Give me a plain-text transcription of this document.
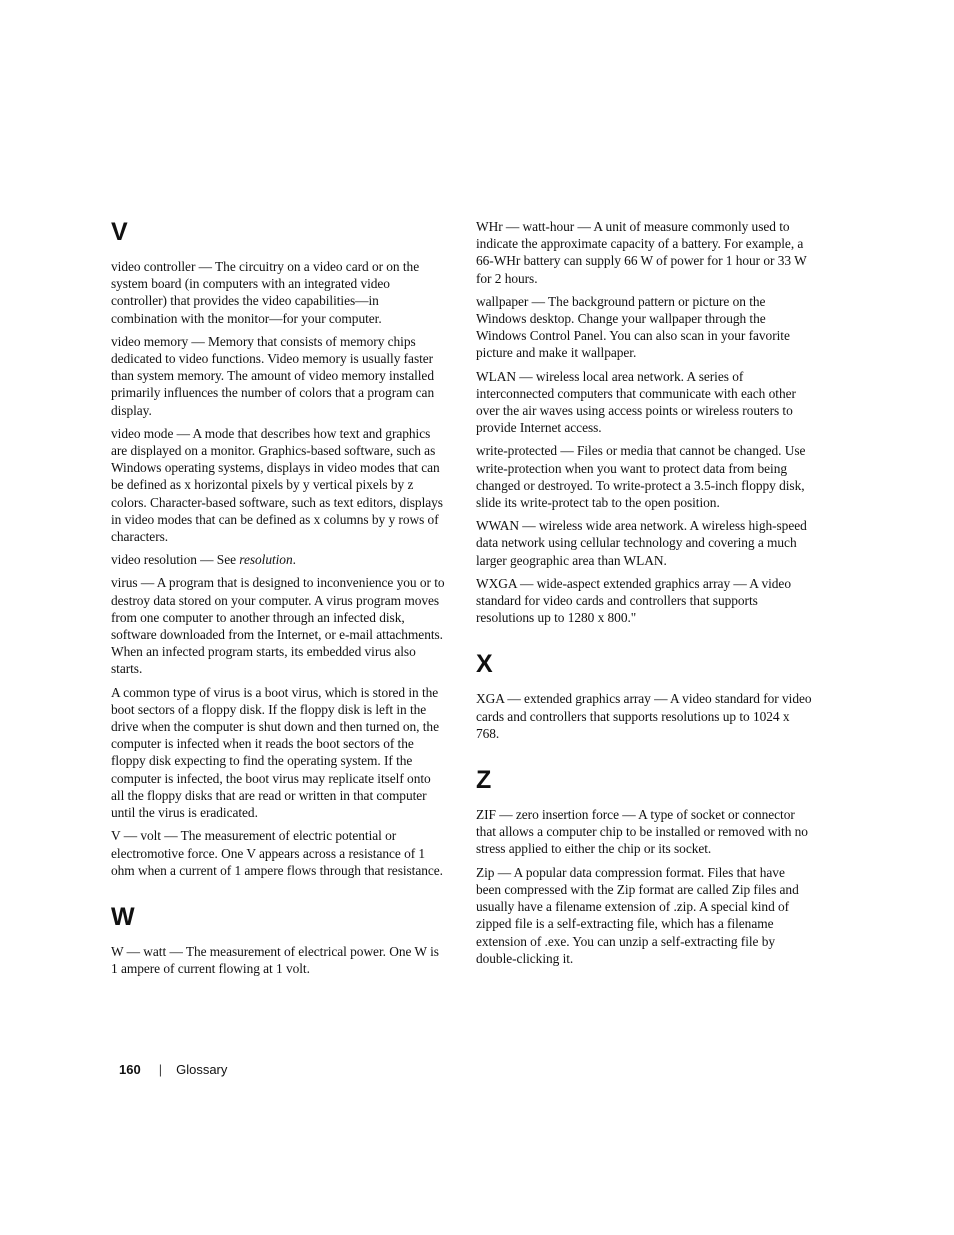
V

video controller — The circuitry on a video card or on the system board (in computers with an integrated video controller) that provides the video capabilities—in combination with the monitor—for your computer.

video memory — Memory that consists of memory chips dedicated to video functions. Video memory is usually faster than system memory. The amount of video memory installed primarily influences the number of colors that a program can display.

video mode — A mode that describes how text and graphics are displayed on a monitor. Graphics-based software, such as Windows operating systems, displays in video modes that can be defined as x horizontal pixels by y vertical pixels by z colors. Character-based software, such as text editors, displays in video modes that can be defined as x columns by y rows of characters.

video resolution — See resolution.

virus — A program that is designed to inconvenience you or to destroy data stored on your computer. A virus program moves from one computer to another through an infected disk, software downloaded from the Internet, or e-mail attachments. When an infected program starts, its embedded virus also starts.

A common type of virus is a boot virus, which is stored in the boot sectors of a floppy disk. If the floppy disk is left in the drive when the computer is shut down and then turned on, the computer is infected when it reads the boot sectors of the floppy disk expecting to find the operating system. If the computer is infected, the boot virus may replicate itself onto all the floppy disks that are read or written in that computer until the virus is eradicated.

V — volt — The measurement of electric potential or electromotive force. One V appears across a resistance of 1 ohm when a current of 1 ampere flows through that resistance.

W

W — watt — The measurement of electrical power. One W is 1 ampere of current flowing at 1 volt.

WHr — watt-hour — A unit of measure commonly used to indicate the approximate capacity of a battery. For example, a 66-WHr battery can supply 66 W of power for 1 hour or 33 W for 2 hours.

wallpaper — The background pattern or picture on the Windows desktop. Change your wallpaper through the Windows Control Panel. You can also scan in your favorite picture and make it wallpaper.

WLAN — wireless local area network. A series of interconnected computers that communicate with each other over the air waves using access points or wireless routers to provide Internet access.

write-protected — Files or media that cannot be changed. Use write-protection when you want to protect data from being changed or destroyed. To write-protect a 3.5-inch floppy disk, slide its write-protect tab to the open position.

WWAN — wireless wide area network. A wireless high-speed data network using cellular technology and covering a much larger geographic area than WLAN.

WXGA — wide-aspect extended graphics array — A video standard for video cards and controllers that supports resolutions up to 1280 x 800."

X

XGA — extended graphics array — A video standard for video cards and controllers that supports resolutions up to 1024 x 768.

Z

ZIF — zero insertion force — A type of socket or connector that allows a computer chip to be installed or removed with no stress applied to either the chip or its socket.

Zip — A popular data compression format. Files that have been compressed with the Zip format are called Zip files and usually have a filename extension of .zip. A special kind of zipped file is a self-extracting file, which has a filename extension of .exe. You can unzip a self-extracting file by double-clicking it.

160 | Glossary
